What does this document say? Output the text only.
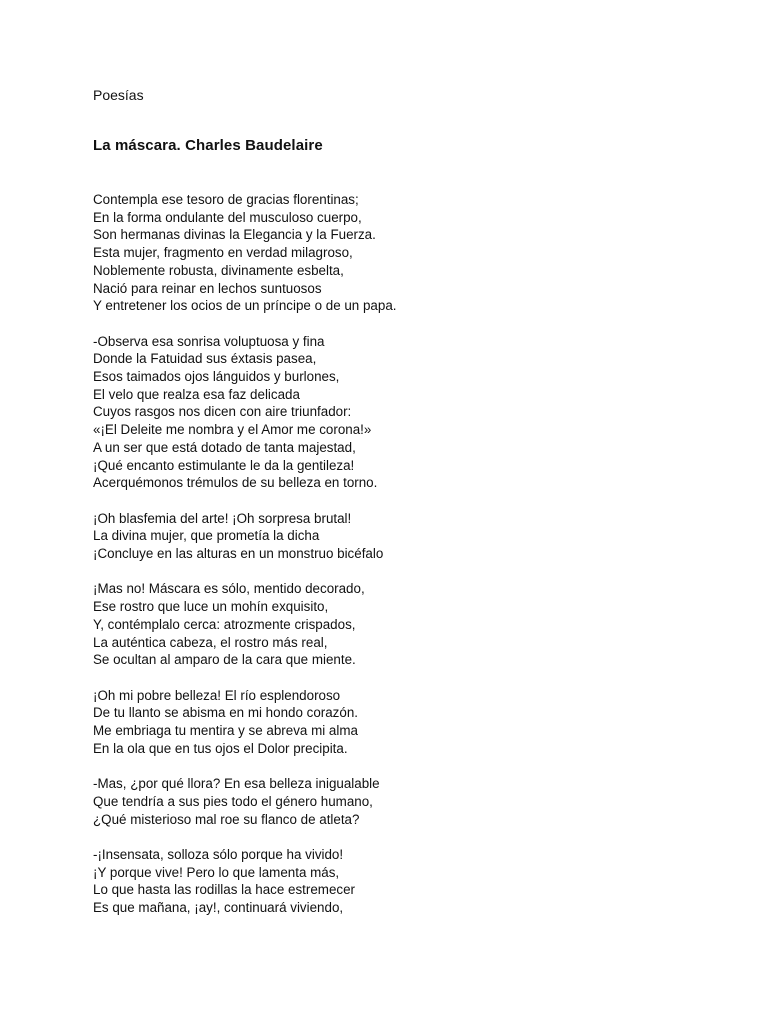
Poesías

La máscara. Charles Baudelaire
Contempla ese tesoro de gracias florentinas;
En la forma ondulante del musculoso cuerpo,
Son hermanas divinas la Elegancia y la Fuerza.
Esta mujer, fragmento en verdad milagroso,
Noblemente robusta, divinamente esbelta,
Nació para reinar en lechos suntuosos
Y entretener los ocios de un príncipe o de un papa.
-Observa esa sonrisa voluptuosa y fina
Donde la Fatuidad sus éxtasis pasea,
Esos taimados ojos lánguidos y burlones,
El velo que realza esa faz delicada
Cuyos rasgos nos dicen con aire triunfador:
«¡El Deleite me nombra y el Amor me corona!»
A un ser que está dotado de tanta majestad,
¡Qué encanto estimulante le da la gentileza!
Acerquémonos trémulos de su belleza en torno.
¡Oh blasfemia del arte! ¡Oh sorpresa brutal!
La divina mujer, que prometía la dicha
¡Concluye en las alturas en un monstruo bicéfalo
¡Mas no! Máscara es sólo, mentido decorado,
Ese rostro que luce un mohín exquisito,
Y, contémplalo cerca: atrozmente crispados,
La auténtica cabeza, el rostro más real,
Se ocultan al amparo de la cara que miente.
¡Oh mi pobre belleza! El río esplendoroso
De tu llanto se abisma en mi hondo corazón.
Me embriaga tu mentira y se abreva mi alma
En la ola que en tus ojos el Dolor precipita.
-Mas, ¿por qué llora? En esa belleza inigualable
Que tendría a sus pies todo el género humano,
¿Qué misterioso mal roe su flanco de atleta?
-¡Insensata, solloza sólo porque ha vivido!
¡Y porque vive! Pero lo que lamenta más,
Lo que hasta las rodillas la hace estremecer
Es que mañana, ¡ay!, continuará viviendo,
